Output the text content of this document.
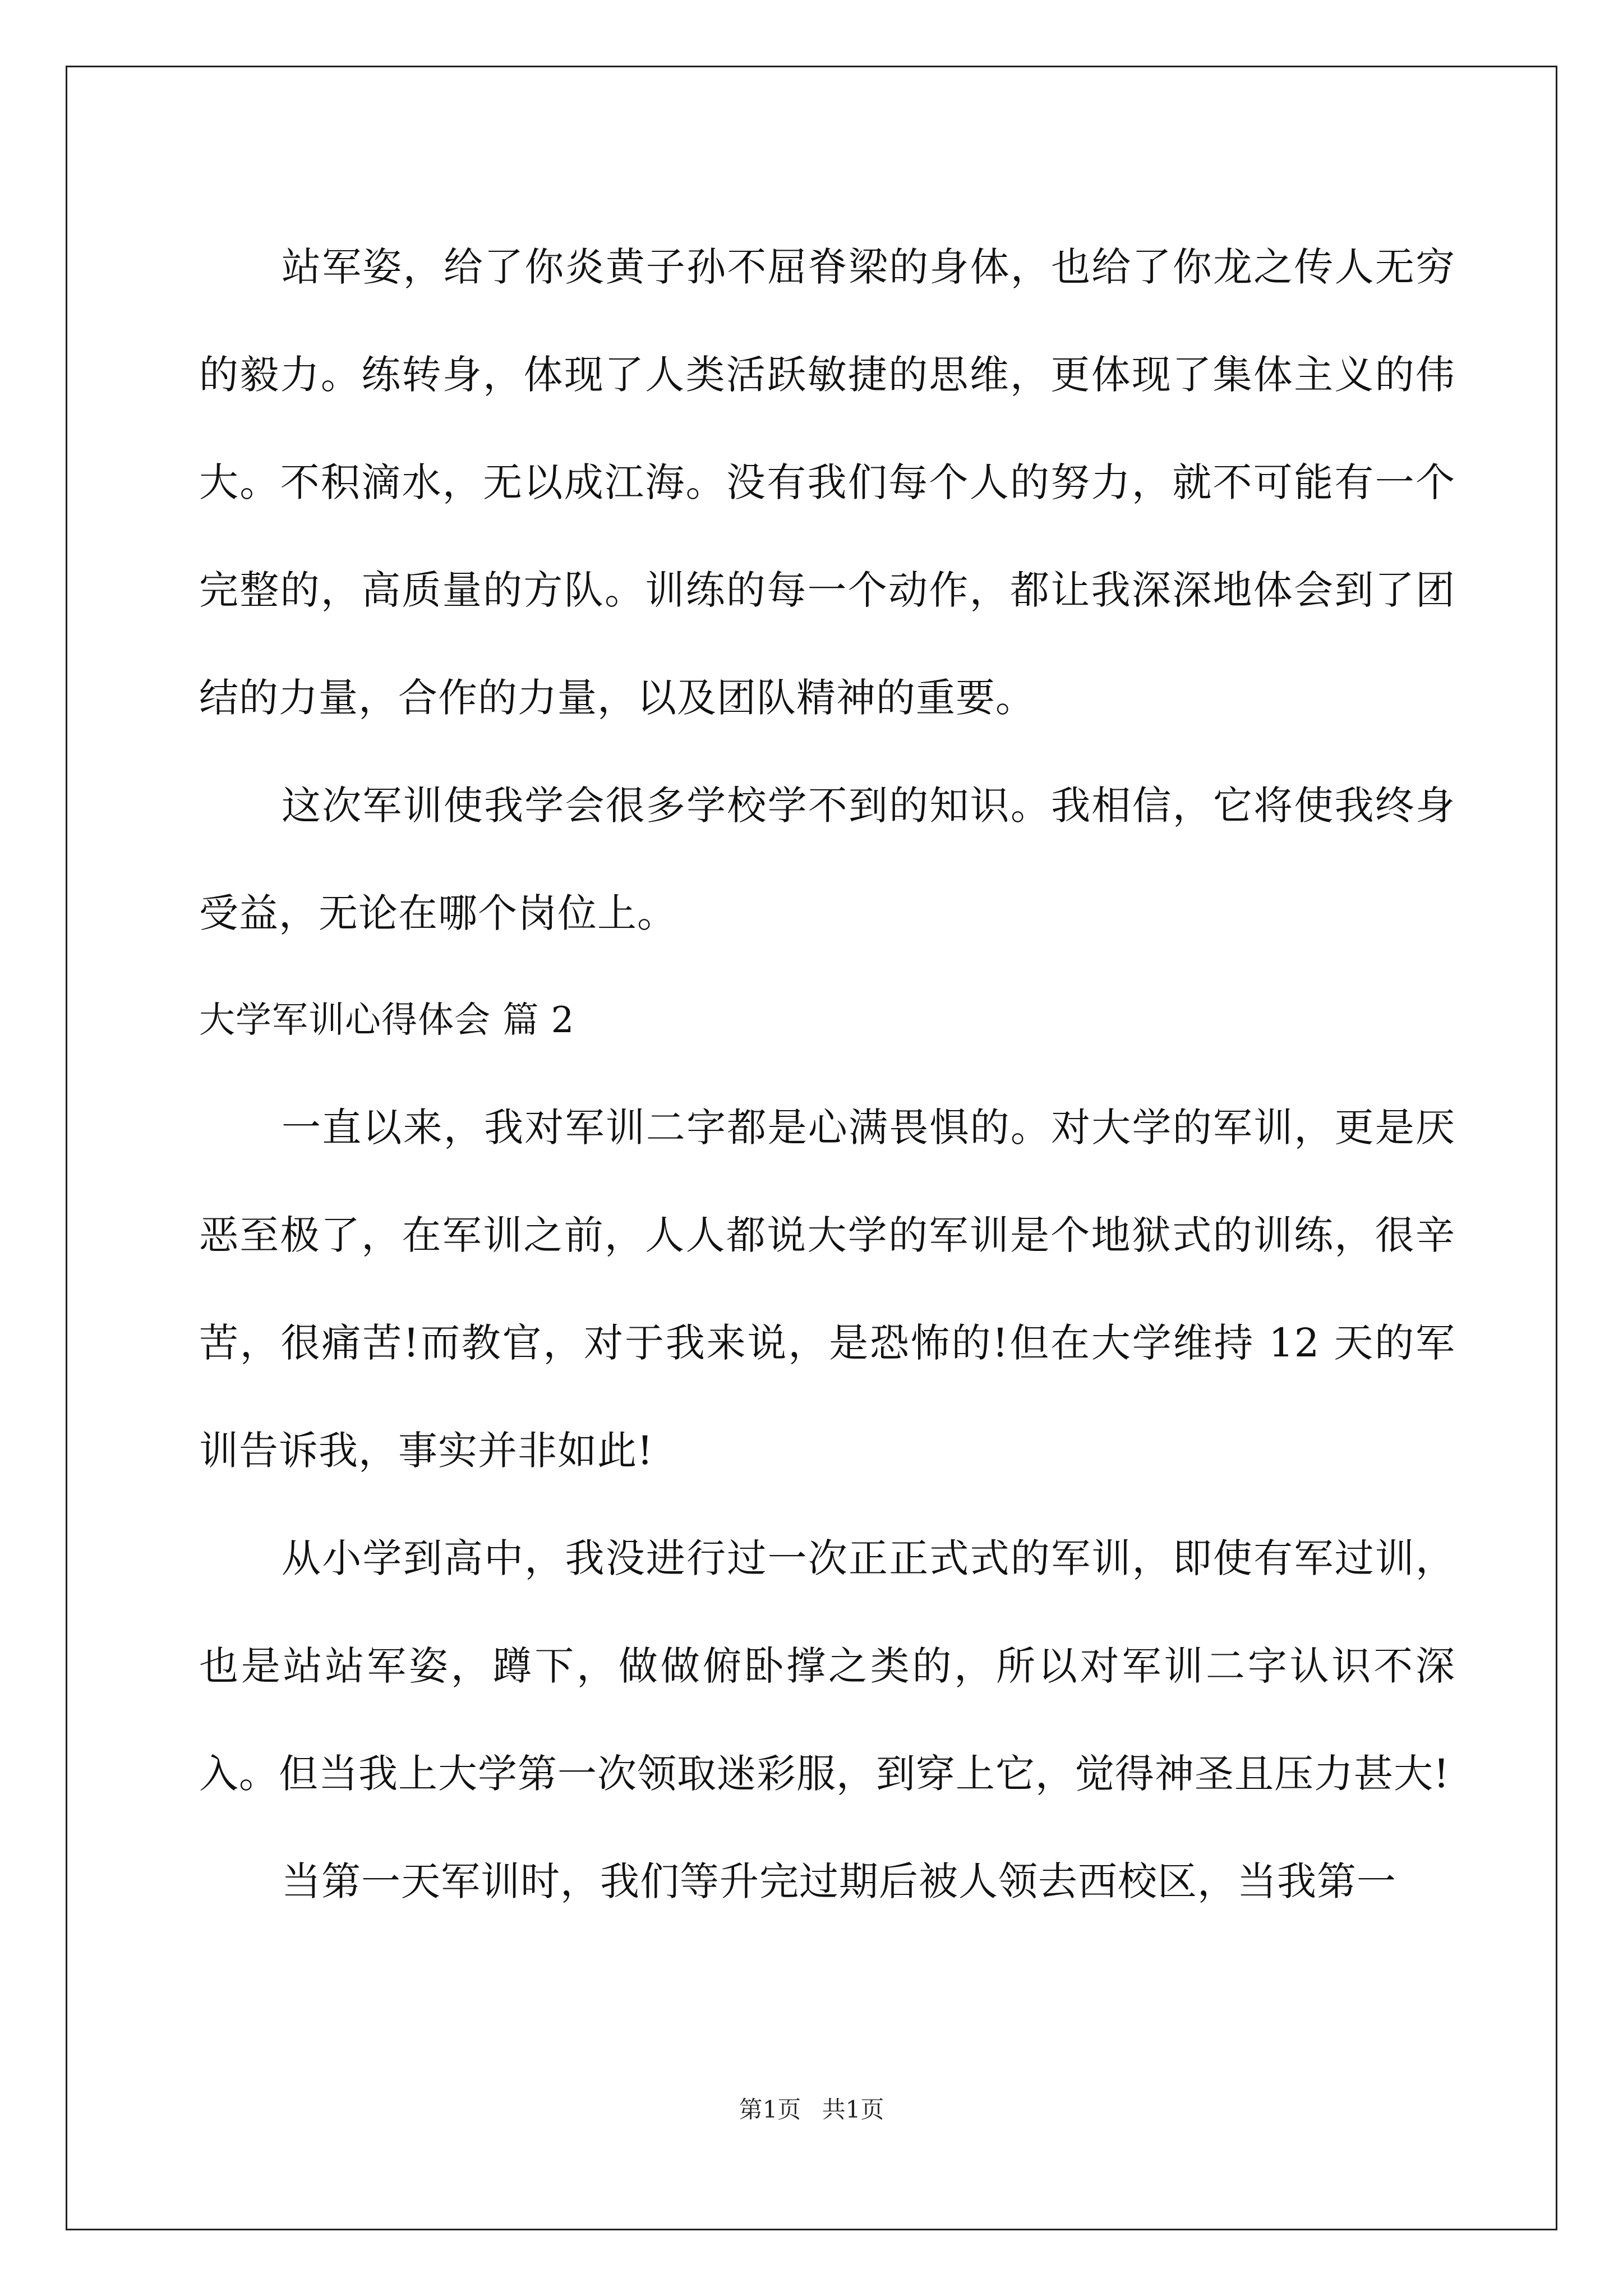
站军姿，给了你炎黄子孙不屈脊梁的身体，也给了你龙之传人无穷的毅力。练转身，体现了人类活跃敏捷的思维，更体现了集体主义的伟大。不积滴水，无以成江海。没有我们每个人的努力，就不可能有一个完整的，高质量的方队。训练的每一个动作，都让我深深地体会到了团结的力量，合作的力量，以及团队精神的重要。

这次军训使我学会很多学校学不到的知识。我相信，它将使我终身受益，无论在哪个岗位上。

大学军训心得体会 篇 2

一直以来，我对军训二字都是心满畏惧的。对大学的军训，更是厌恶至极了，在军训之前，人人都说大学的军训是个地狱式的训练，很辛苦，很痛苦!而教官，对于我来说，是恐怖的!但在大学维持 12 天的军训告诉我，事实并非如此!

从小学到高中，我没进行过一次正正式式的军训，即使有军过训，也是站站军姿，蹲下，做做俯卧撑之类的，所以对军训二字认识不深入。但当我上大学第一次领取迷彩服，到穿上它，觉得神圣且压力甚大!

当第一天军训时，我们等升完过期后被人领去西校区，当我第一

第1页 共1页
